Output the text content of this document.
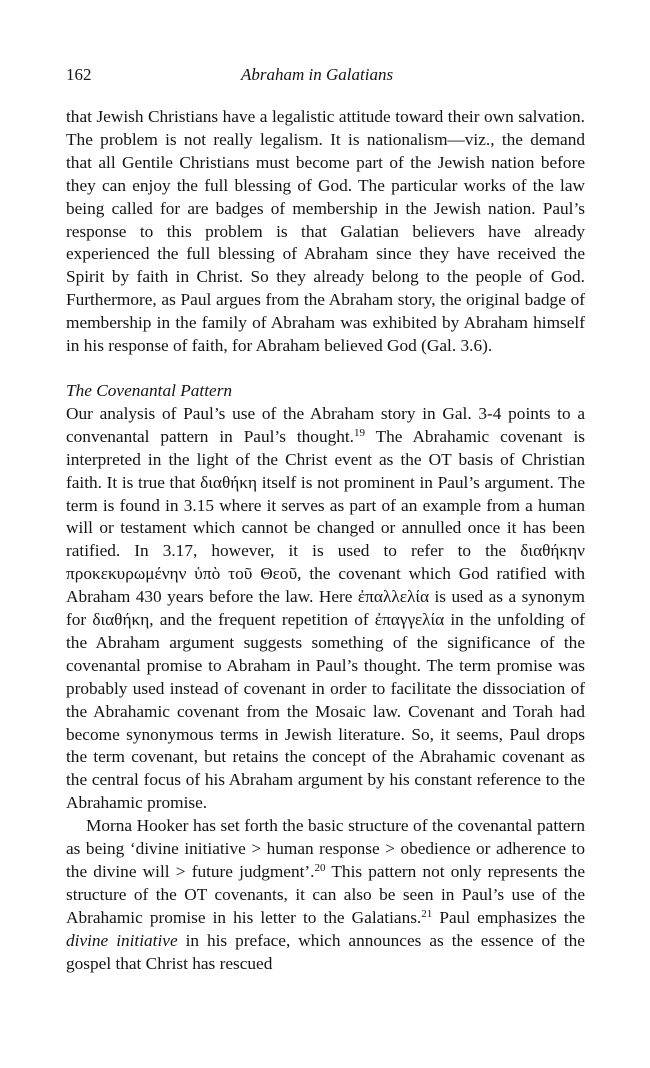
162	Abraham in Galatians

that Jewish Christians have a legalistic attitude toward their own salvation. The problem is not really legalism. It is nationalism—viz., the demand that all Gentile Christians must become part of the Jewish nation before they can enjoy the full blessing of God. The particular works of the law being called for are badges of membership in the Jewish nation. Paul’s response to this problem is that Galatian believers have already experienced the full blessing of Abraham since they have received the Spirit by faith in Christ. So they already belong to the people of God. Furthermore, as Paul argues from the Abraham story, the original badge of membership in the family of Abraham was exhibited by Abraham himself in his response of faith, for Abraham believed God (Gal. 3.6).

The Covenantal Pattern

Our analysis of Paul’s use of the Abraham story in Gal. 3-4 points to a convenantal pattern in Paul’s thought.$^{19}$ The Abrahamic covenant is interpreted in the light of the Christ event as the OT basis of Christian faith. It is true that διαθήκη itself is not prominent in Paul’s argument. The term is found in 3.15 where it serves as part of an example from a human will or testament which cannot be changed or annulled once it has been ratified. In 3.17, however, it is used to refer to the διαθήκην προκεκυρωμένην ὑπὸ τοῦ Θεοῦ, the covenant which God ratified with Abraham 430 years before the law. Here ἐπαλλελία is used as a synonym for διαθήκη, and the frequent repetition of ἐπαγγελία in the unfolding of the Abraham argument suggests something of the significance of the covenantal promise to Abraham in Paul’s thought. The term promise was probably used instead of covenant in order to facilitate the dissociation of the Abrahamic covenant from the Mosaic law. Covenant and Torah had become synonymous terms in Jewish literature. So, it seems, Paul drops the term covenant, but retains the concept of the Abrahamic covenant as the central focus of his Abraham argument by his constant reference to the Abrahamic promise.

Morna Hooker has set forth the basic structure of the covenantal pattern as being ‘divine initiative > human response > obedience or adherence to the divine will > future judgment’.$^{20}$ This pattern not only represents the structure of the OT covenants, it can also be seen in Paul’s use of the Abrahamic promise in his letter to the Galatians.$^{21}$ Paul emphasizes the divine initiative in his preface, which announces as the essence of the gospel that Christ has rescued
